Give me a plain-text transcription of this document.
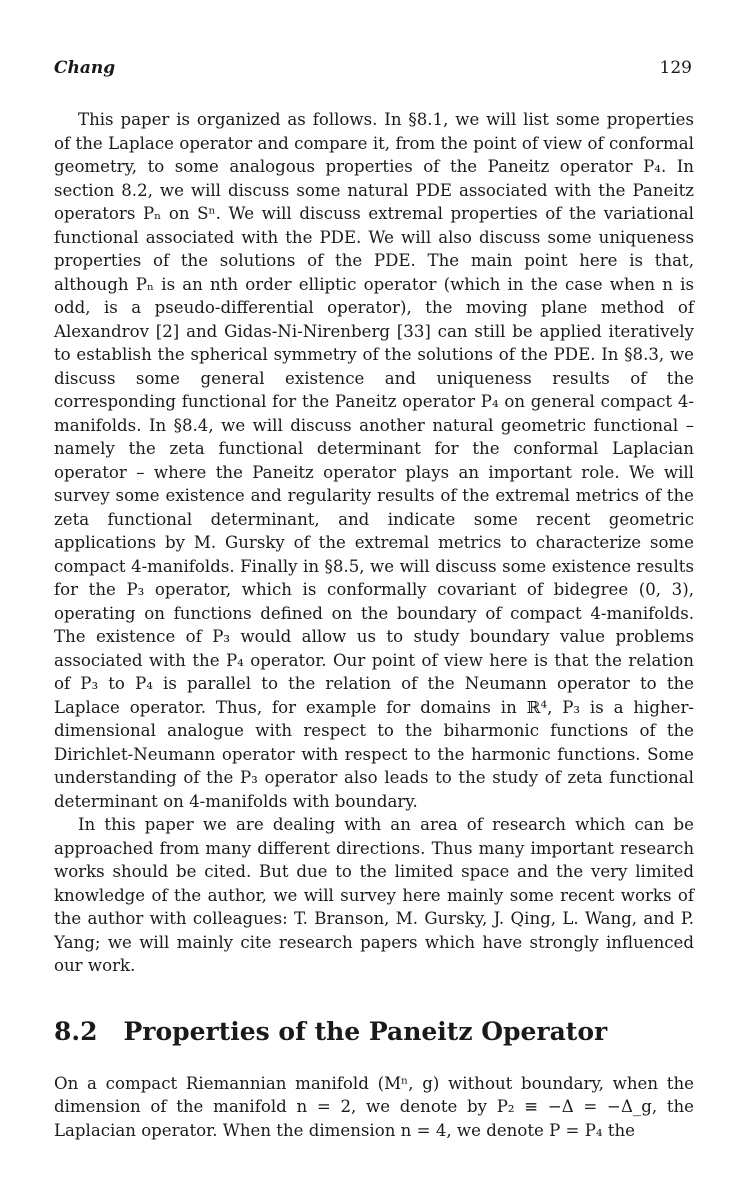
Chang	129

This paper is organized as follows. In §8.1, we will list some properties of the Laplace operator and compare it, from the point of view of conformal geometry, to some analogous properties of the Paneitz operator P₄. In section 8.2, we will discuss some natural PDE associated with the Paneitz operators Pₙ on Sⁿ. We will discuss extremal properties of the variational functional associated with the PDE. We will also discuss some uniqueness properties of the solutions of the PDE. The main point here is that, although Pₙ is an nth order elliptic operator (which in the case when n is odd, is a pseudo-differential operator), the moving plane method of Alexandrov [2] and Gidas-Ni-Nirenberg [33] can still be applied iteratively to establish the spherical symmetry of the solutions of the PDE. In §8.3, we discuss some general existence and uniqueness results of the corresponding functional for the Paneitz operator P₄ on general compact 4-manifolds. In §8.4, we will discuss another natural geometric functional – namely the zeta functional determinant for the conformal Laplacian operator – where the Paneitz operator plays an important role. We will survey some existence and regularity results of the extremal metrics of the zeta functional determinant, and indicate some recent geometric applications by M. Gursky of the extremal metrics to characterize some compact 4-manifolds. Finally in §8.5, we will discuss some existence results for the P₃ operator, which is conformally covariant of bidegree (0, 3), operating on functions defined on the boundary of compact 4-manifolds. The existence of P₃ would allow us to study boundary value problems associated with the P₄ operator. Our point of view here is that the relation of P₃ to P₄ is parallel to the relation of the Neumann operator to the Laplace operator. Thus, for example for domains in ℝ⁴, P₃ is a higher-dimensional analogue with respect to the biharmonic functions of the Dirichlet-Neumann operator with respect to the harmonic functions. Some understanding of the P₃ operator also leads to the study of zeta functional determinant on 4-manifolds with boundary.

In this paper we are dealing with an area of research which can be approached from many different directions. Thus many important research works should be cited. But due to the limited space and the very limited knowledge of the author, we will survey here mainly some recent works of the author with colleagues: T. Branson, M. Gursky, J. Qing, L. Wang, and P. Yang; we will mainly cite research papers which have strongly influenced our work.

8.2 Properties of the Paneitz Operator

On a compact Riemannian manifold (Mⁿ, g) without boundary, when the dimension of the manifold n = 2, we denote by P₂ ≡ −Δ = −Δ_g, the Laplacian operator. When the dimension n = 4, we denote P = P₄ the
